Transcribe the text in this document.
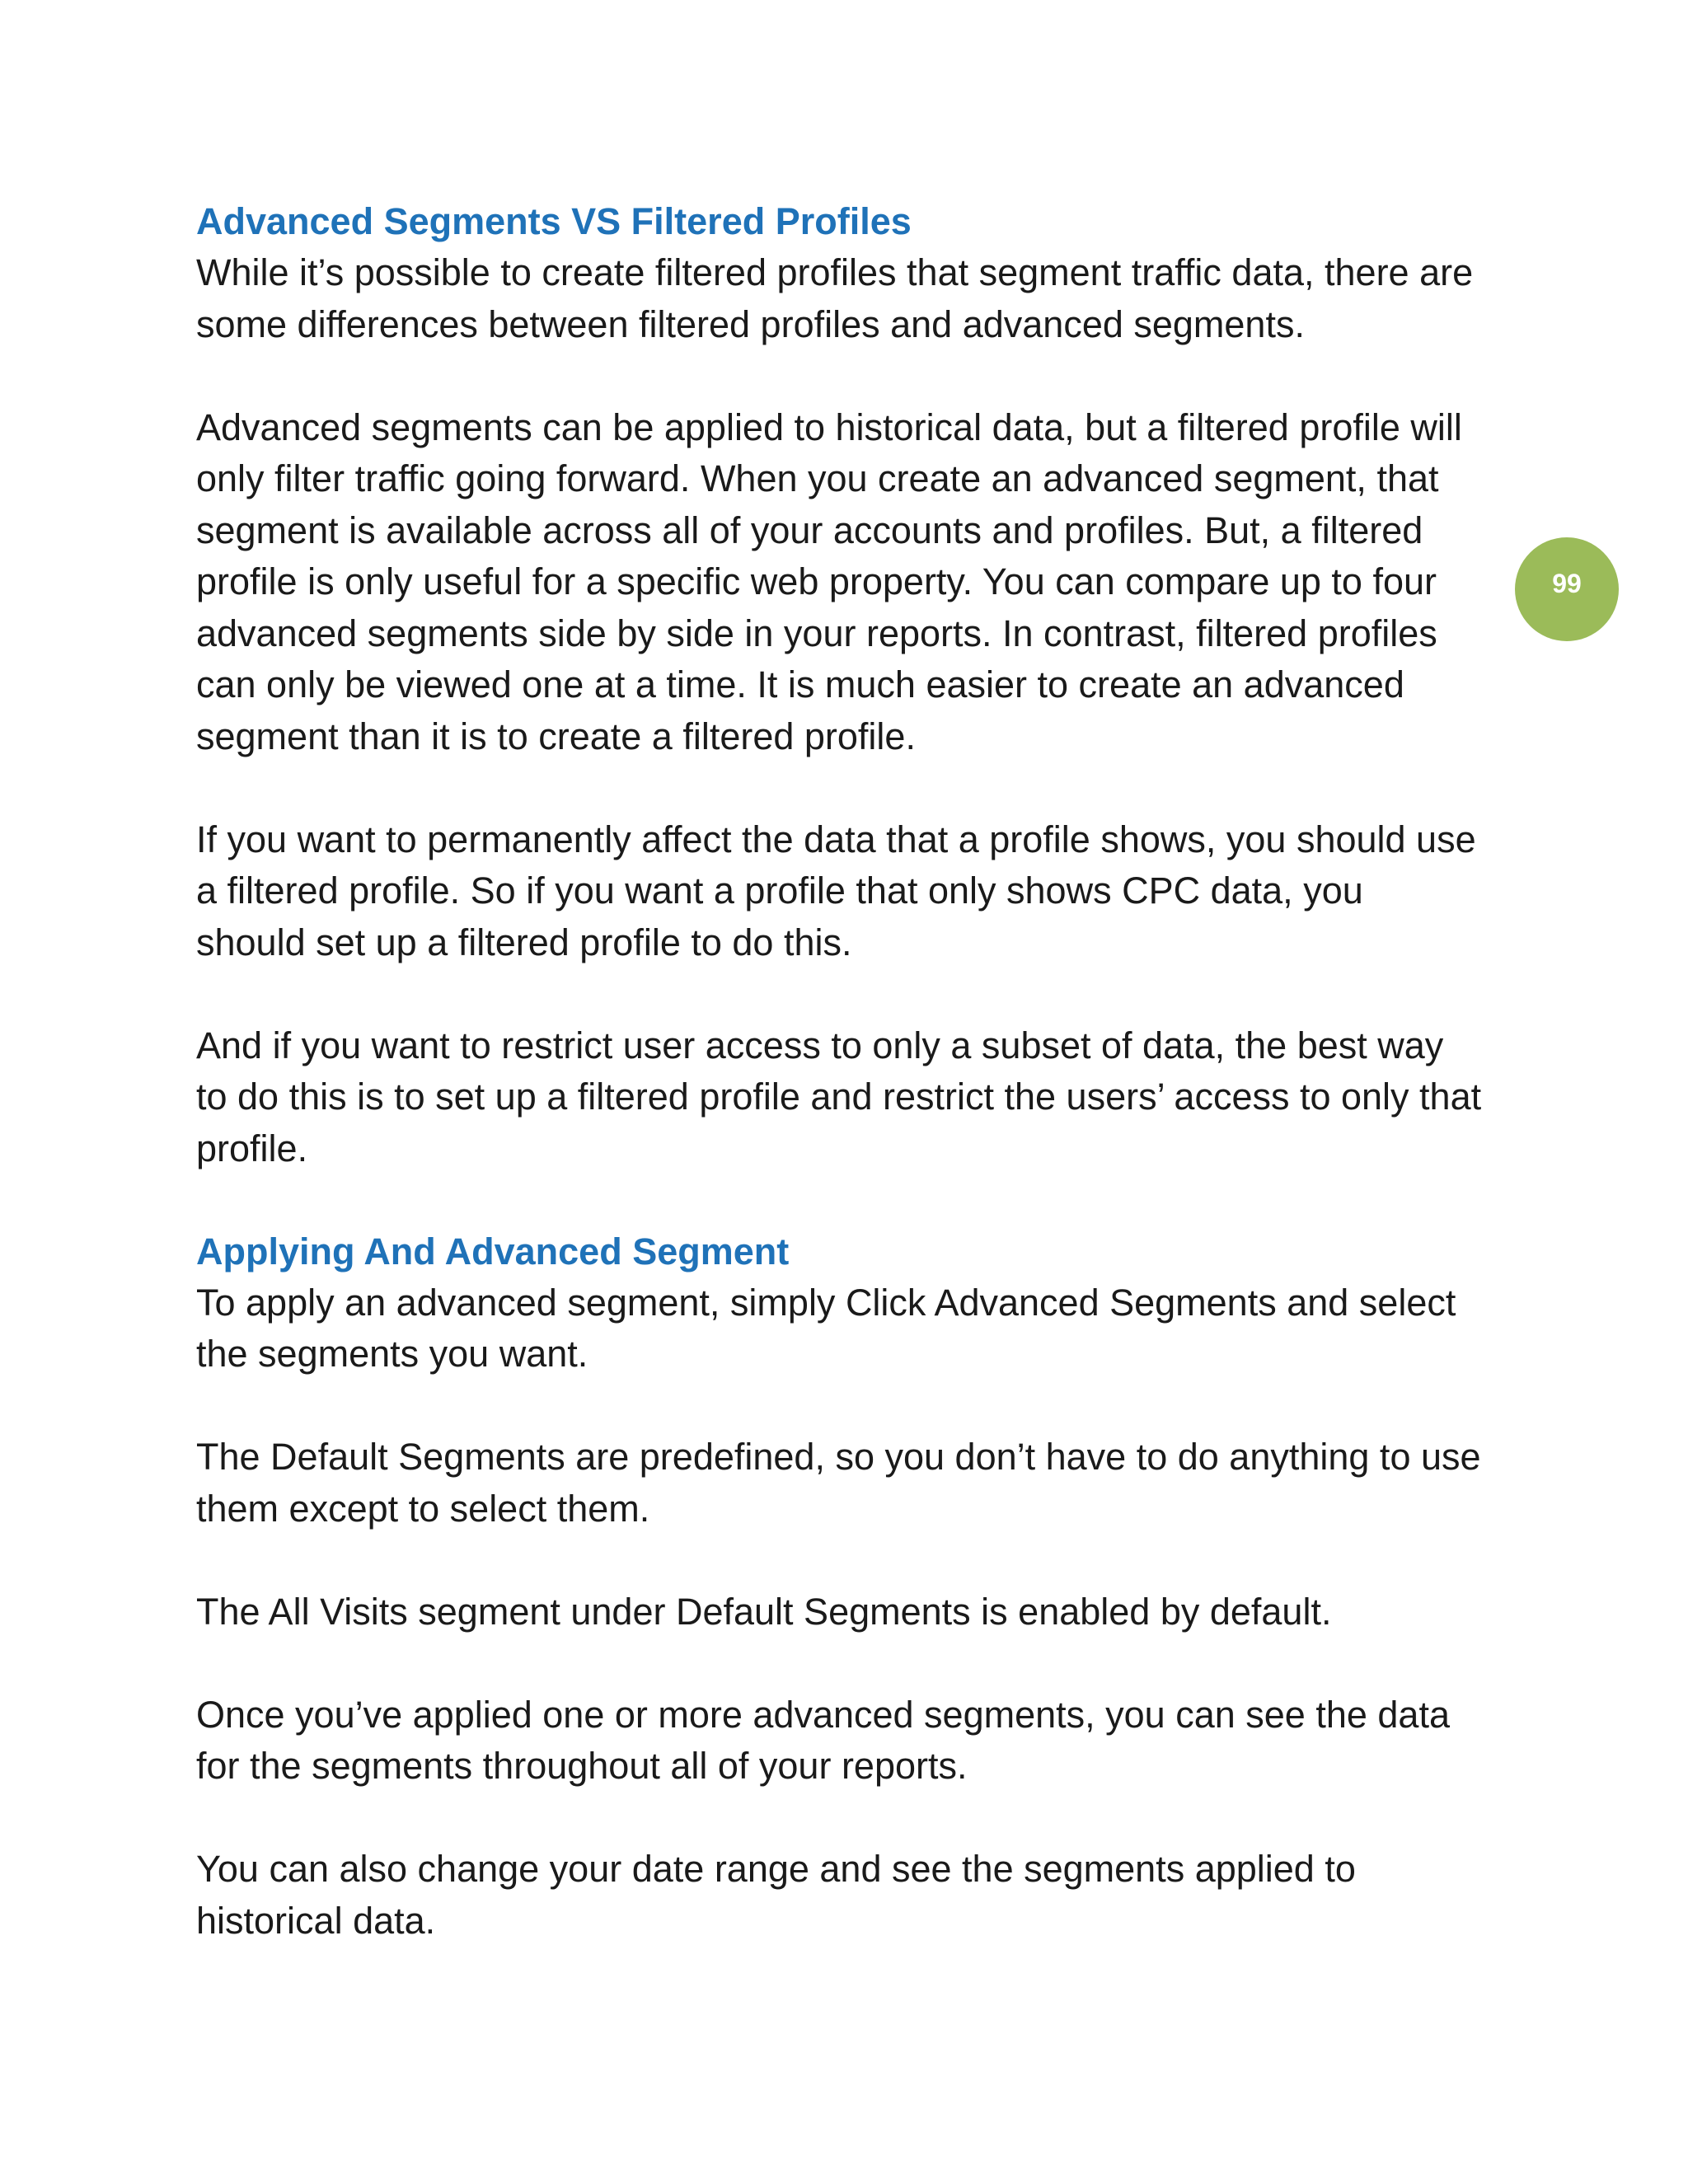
Advanced Segments VS Filtered Profiles

While it’s possible to create filtered profiles that segment traffic data, there are some differences between filtered profiles and advanced segments.

Advanced segments can be applied to historical data, but a filtered profile will only filter traffic going forward. When you create an advanced segment, that segment is available across all of your accounts and profiles. But, a filtered profile is only useful for a specific web property. You can compare up to four advanced segments side by side in your reports. In contrast, filtered profiles can only be viewed one at a time. It is much easier to create an advanced segment than it is to create a filtered profile.

If you want to permanently affect the data that a profile shows, you should use a filtered profile. So if you want a profile that only shows CPC data, you should set up a filtered profile to do this.

And if you want to restrict user access to only a subset of data, the best way to do this is to set up a filtered profile and restrict the users’ access to only that profile.

Applying And Advanced Segment

To apply an advanced segment, simply Click Advanced Segments and select the segments you want.

The Default Segments are predefined, so you don’t have to do anything to use them except to select them.

The All Visits segment under Default Segments is enabled by default.

Once you’ve applied one or more advanced segments, you can see the data for the segments throughout all of your reports.

You can also change your date range and see the segments applied to historical data.

99
